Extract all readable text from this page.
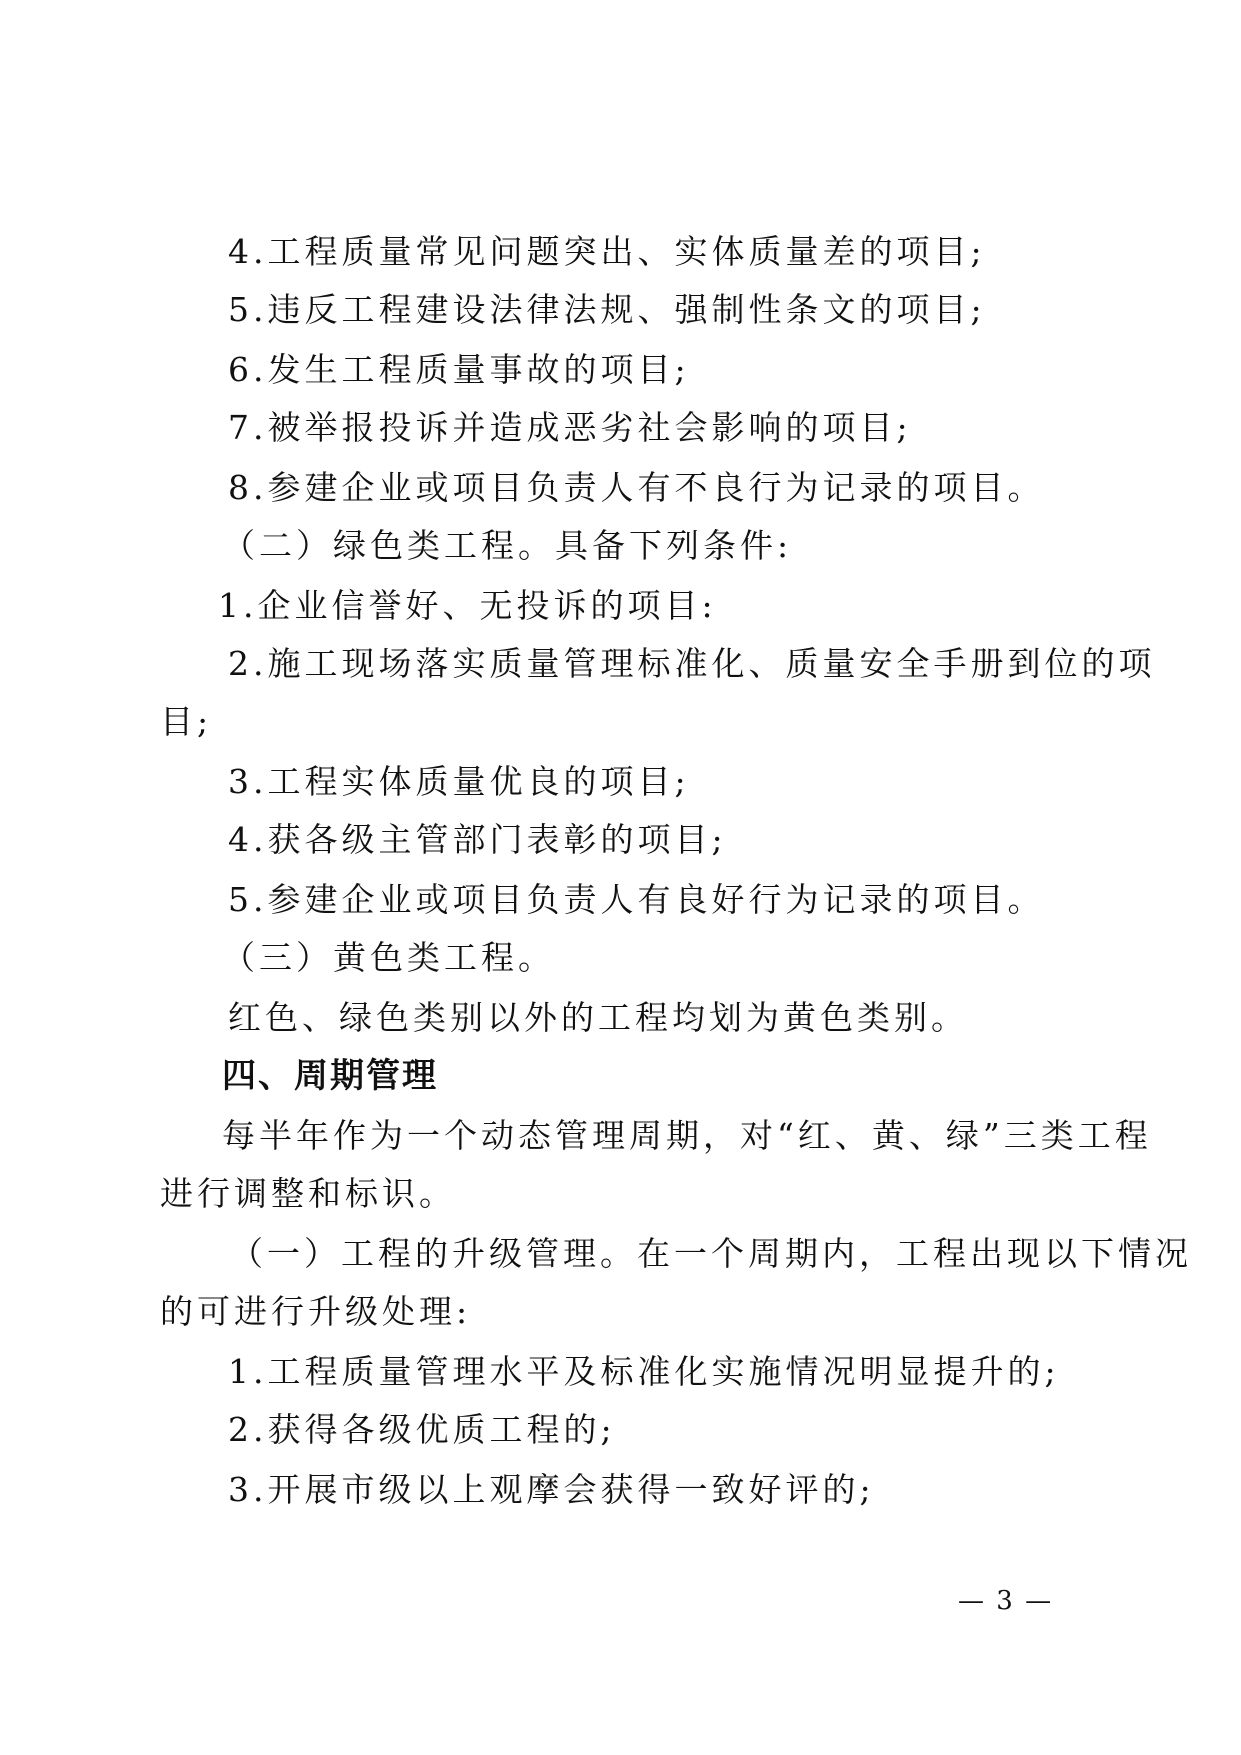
4.工程质量常见问题突出、实体质量差的项目;
5.违反工程建设法律法规、强制性条文的项目;
6.发生工程质量事故的项目;
7.被举报投诉并造成恶劣社会影响的项目;
8.参建企业或项目负责人有不良行为记录的项目。
（二）绿色类工程。具备下列条件:
1.企业信誉好、无投诉的项目:
2.施工现场落实质量管理标准化、质量安全手册到位的项
目;
3.工程实体质量优良的项目;
4.获各级主管部门表彰的项目;
5.参建企业或项目负责人有良好行为记录的项目。
（三）黄色类工程。
红色、绿色类别以外的工程均划为黄色类别。
四、周期管理
每半年作为一个动态管理周期，对“红、黄、绿”三类工程
进行调整和标识。
（一）工程的升级管理。在一个周期内，工程出现以下情况
的可进行升级处理:
1.工程质量管理水平及标准化实施情况明显提升的;
2.获得各级优质工程的;
3.开展市级以上观摩会获得一致好评的;
— 3 —
